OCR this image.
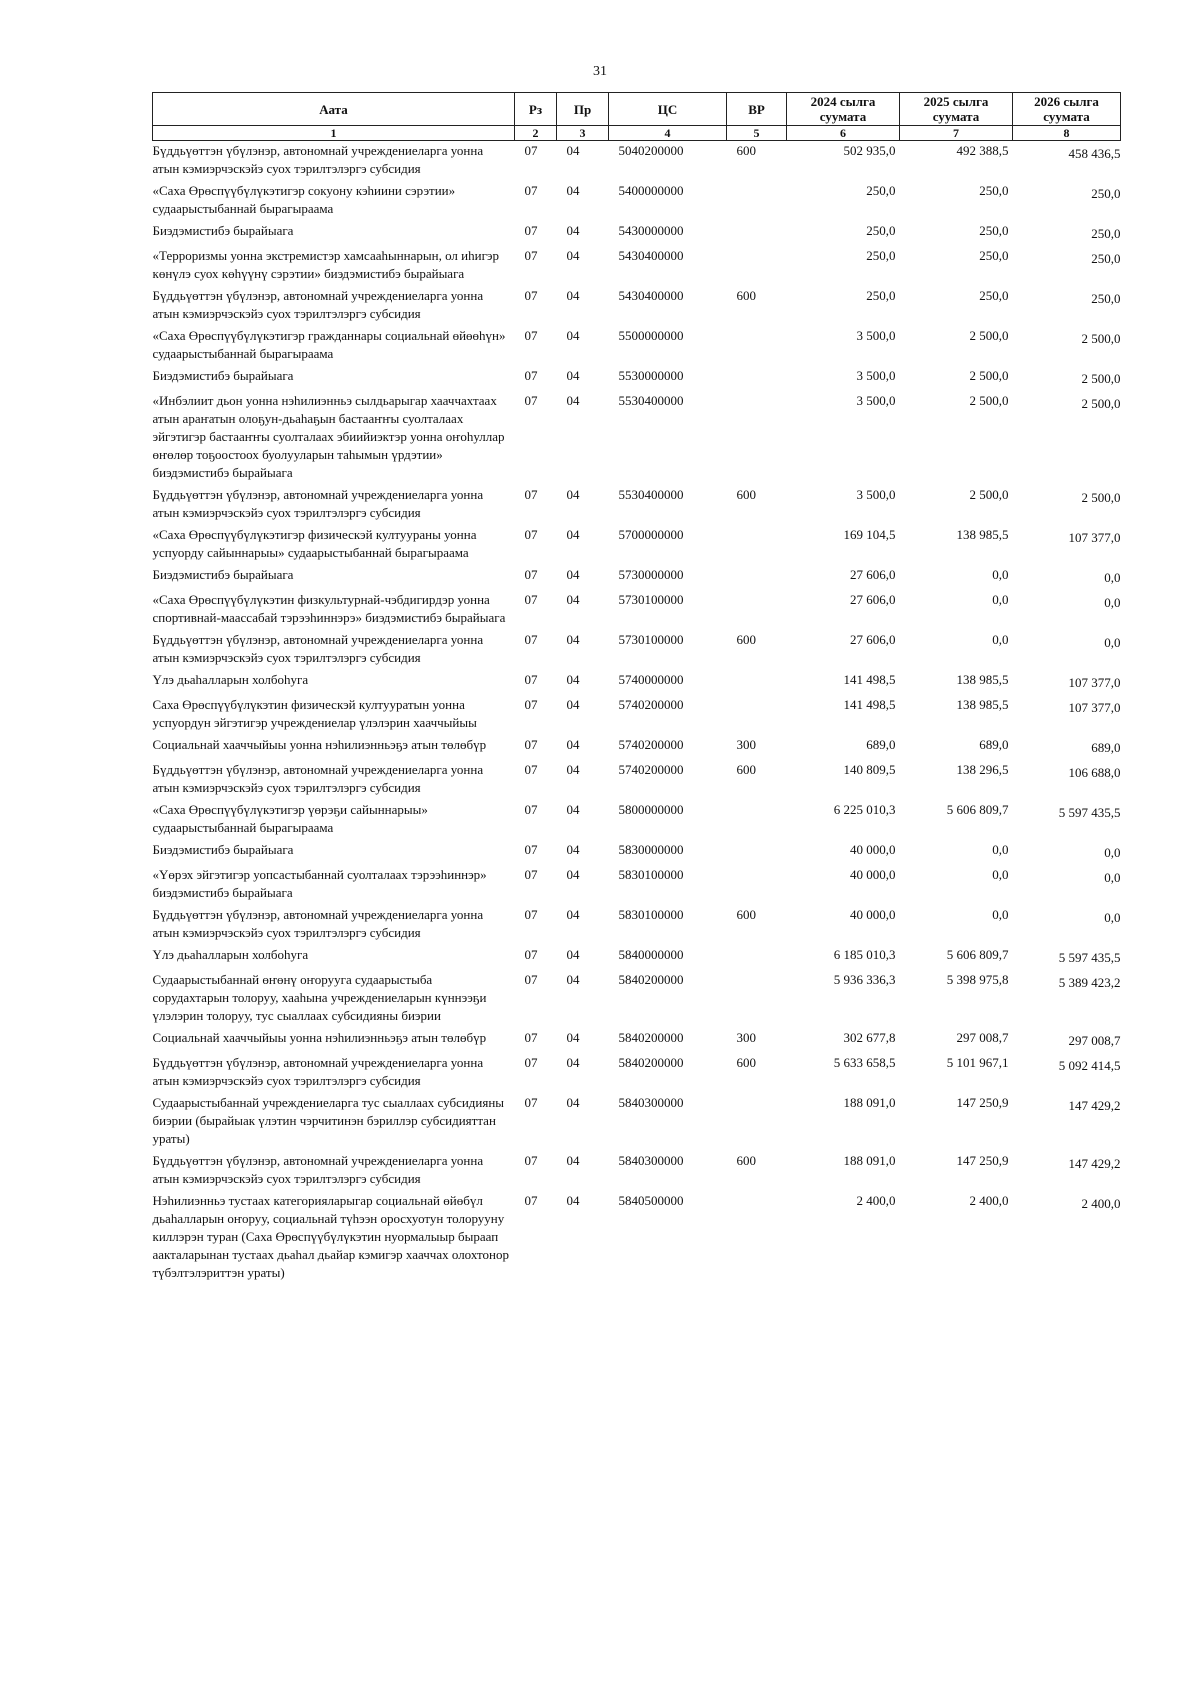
31
Аата	Рз	Пр	ЦС	ВР	2024 сылга суумата	2025 сылга суумата	2026 сылга суумата
1	2	3	4	5	6	7	8
Бүддьүөттэн үбүлэнэр, автономнай учреждениеларга уонна атын кэмиэрчэскэйэ суох тэрилтэлэргэ субсидия	07	04	5040200000	600	502 935,0	492 388,5	458 436,5
«Саха Өрөспүүбүлүкэтигэр сокуону кэһиини сэрэтии» судаарыстыбаннай бырагыраама	07	04	5400000000		250,0	250,0	250,0
Биэдэмистибэ бырайыага	07	04	5430000000		250,0	250,0	250,0
«Терроризмы уонна экстремистэр хамсааһыннарын, ол иһигэр көнүлэ суох көһүүнү сэрэтии» биэдэмистибэ бырайыага	07	04	5430400000		250,0	250,0	250,0
Бүддьүөттэн үбүлэнэр, автономнай учреждениеларга уонна атын кэмиэрчэскэйэ суох тэрилтэлэргэ субсидия	07	04	5430400000	600	250,0	250,0	250,0
«Саха Өрөспүүбүлүкэтигэр гражданнары социальнай өйөөһүн» судаарыстыбаннай бырагыраама	07	04	5500000000		3 500,0	2 500,0	2 500,0
Биэдэмистибэ бырайыага	07	04	5530000000		3 500,0	2 500,0	2 500,0
«Инбэлиит дьон уонна нэһилиэнньэ сылдьарыгар хааччахтаах атын араҥатын олоҕун-дьаһаҕын бастааҥҥы суолталаах эйгэтигэр бастааҥҥы суолталаах эбиийиэктэр уонна оҥоһуллар өҥөлөр тоҕоостоох буолууларын таһымын үрдэтии» биэдэмистибэ бырайыага	07	04	5530400000		3 500,0	2 500,0	2 500,0
Бүддьүөттэн үбүлэнэр, автономнай учреждениеларга уонна атын кэмиэрчэскэйэ суох тэрилтэлэргэ субсидия	07	04	5530400000	600	3 500,0	2 500,0	2 500,0
«Саха Өрөспүүбүлүкэтигэр физическэй култуураны уонна успуорду сайыннарыы» судаарыстыбаннай бырагыраама	07	04	5700000000		169 104,5	138 985,5	107 377,0
Биэдэмистибэ бырайыага	07	04	5730000000		27 606,0	0,0	0,0
«Саха Өрөспүүбүлүкэтин физкультурнай-чэбдигирдэр уонна спортивнай-маассабай тэрээһиннэрэ» биэдэмистибэ бырайыага	07	04	5730100000		27 606,0	0,0	0,0
Бүддьүөттэн үбүлэнэр, автономнай учреждениеларга уонна атын кэмиэрчэскэйэ суох тэрилтэлэргэ субсидия	07	04	5730100000	600	27 606,0	0,0	0,0
Үлэ дьаһалларын холбоһуга	07	04	5740000000		141 498,5	138 985,5	107 377,0
Саха Өрөспүүбүлүкэтин физическэй култууратын уонна успуордун эйгэтигэр учреждениелар үлэлэрин хааччыйыы	07	04	5740200000		141 498,5	138 985,5	107 377,0
Социальнай хааччыйыы уонна нэһилиэнньэҕэ атын төлөбүр	07	04	5740200000	300	689,0	689,0	689,0
Бүддьүөттэн үбүлэнэр, автономнай учреждениеларга уонна атын кэмиэрчэскэйэ суох тэрилтэлэргэ субсидия	07	04	5740200000	600	140 809,5	138 296,5	106 688,0
«Саха Өрөспүүбүлүкэтигэр үөрэҕи сайыннарыы» судаарыстыбаннай бырагыраама	07	04	5800000000		6 225 010,3	5 606 809,7	5 597 435,5
Биэдэмистибэ бырайыага	07	04	5830000000		40 000,0	0,0	0,0
«Үөрэх эйгэтигэр уопсастыбаннай суолталаах тэрээһиннэр» биэдэмистибэ бырайыага	07	04	5830100000		40 000,0	0,0	0,0
Бүддьүөттэн үбүлэнэр, автономнай учреждениеларга уонна атын кэмиэрчэскэйэ суох тэрилтэлэргэ субсидия	07	04	5830100000	600	40 000,0	0,0	0,0
Үлэ дьаһалларын холбоһуга	07	04	5840000000		6 185 010,3	5 606 809,7	5 597 435,5
Судаарыстыбаннай өҥөнү оҥорууга судаарыстыба сорудахтарын толоруу, хааһына учреждениеларын күннээҕи үлэлэрин толоруу, тус сыаллаах субсидияны биэрии	07	04	5840200000		5 936 336,3	5 398 975,8	5 389 423,2
Социальнай хааччыйыы уонна нэһилиэнньэҕэ атын төлөбүр	07	04	5840200000	300	302 677,8	297 008,7	297 008,7
Бүддьүөттэн үбүлэнэр, автономнай учреждениеларга уонна атын кэмиэрчэскэйэ суох тэрилтэлэргэ субсидия	07	04	5840200000	600	5 633 658,5	5 101 967,1	5 092 414,5
Судаарыстыбаннай учреждениеларга тус сыаллаах субсидияны биэрии (бырайыак үлэтин чэрчитинэн бэриллэр субсидияттан ураты)	07	04	5840300000		188 091,0	147 250,9	147 429,2
Бүддьүөттэн үбүлэнэр, автономнай учреждениеларга уонна атын кэмиэрчэскэйэ суох тэрилтэлэргэ субсидия	07	04	5840300000	600	188 091,0	147 250,9	147 429,2
Нэһилиэнньэ тустаах категорияларыгар социальнай өйөбүл дьаһалларын оҥоруу, социальнай түһээн оросхуотун толорууну киллэрэн туран (Саха Өрөспүүбүлүкэтин нуормалыыр быраап аакталарынан тустаах дьаһал дьайар кэмигэр хааччах олохтонор түбэлтэлэриттэн ураты)	07	04	5840500000		2 400,0	2 400,0	2 400,0
